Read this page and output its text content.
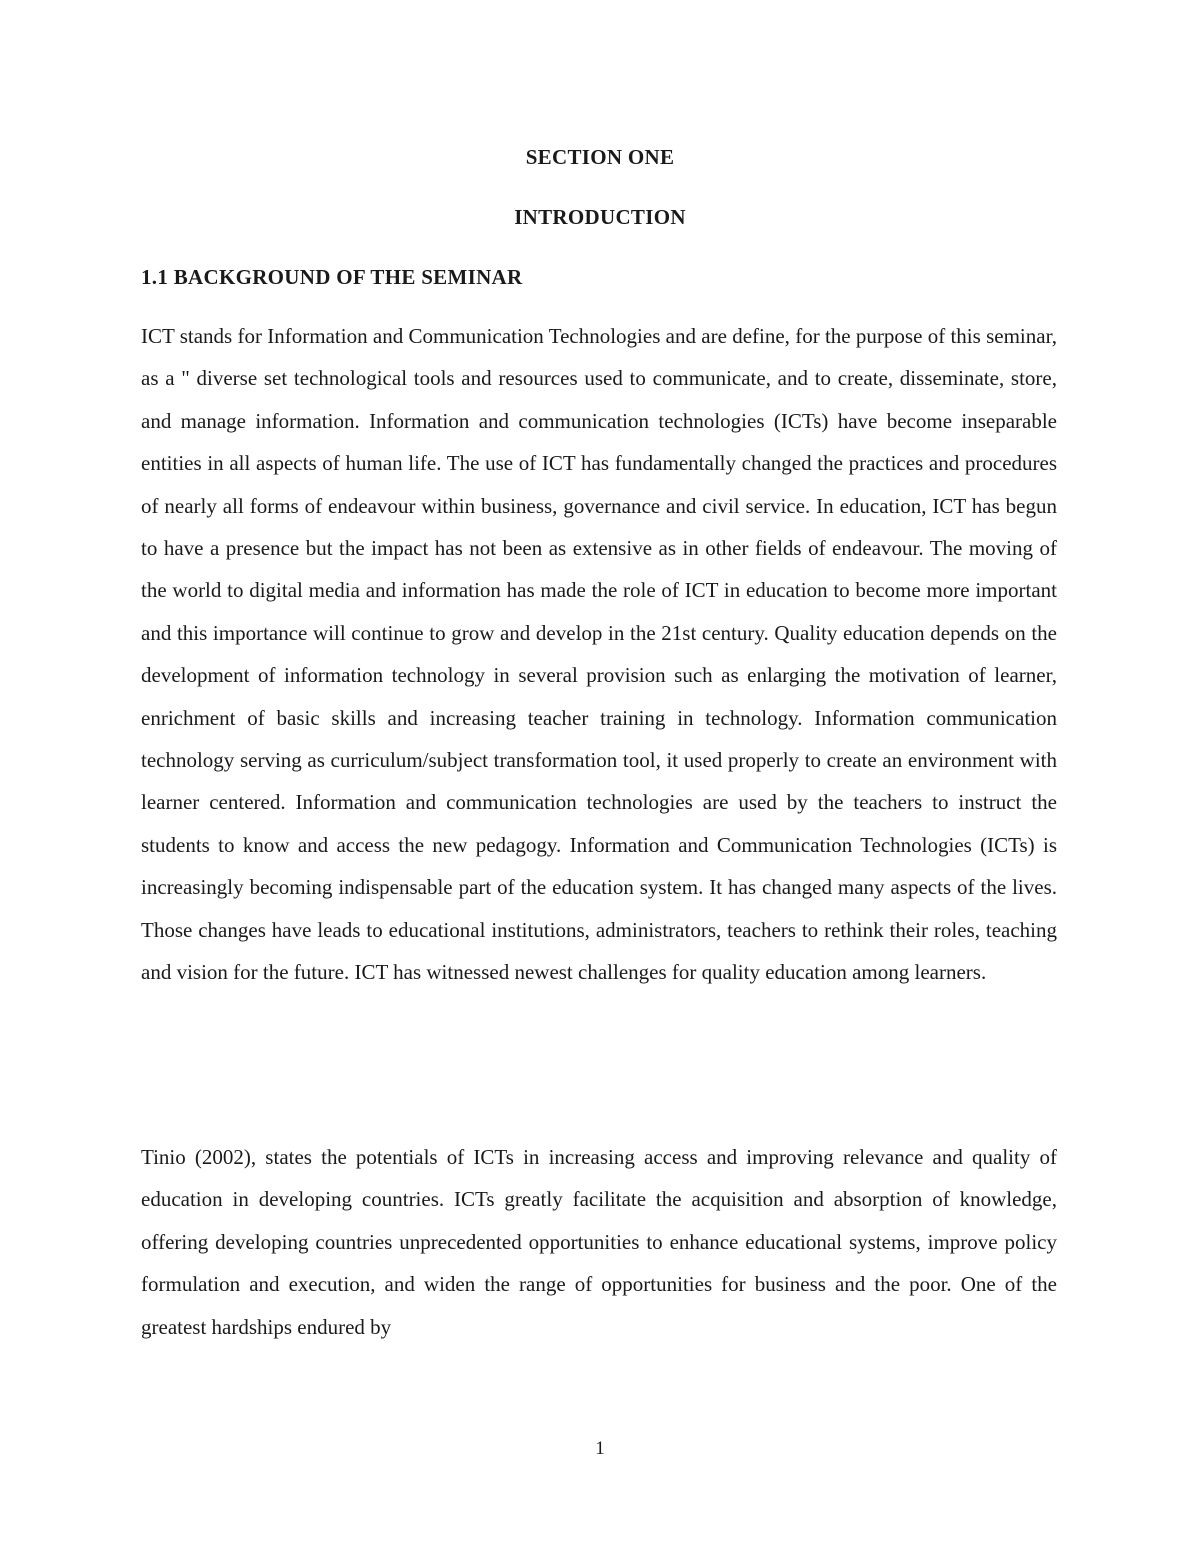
SECTION ONE
INTRODUCTION
1.1 BACKGROUND OF THE SEMINAR

ICT stands for Information and Communication Technologies and are define, for the purpose of this seminar, as a " diverse set technological tools and resources used to communicate, and to create, disseminate, store, and manage information. Information and communication technologies (ICTs) have become inseparable entities in all aspects of human life. The use of ICT has fundamentally changed the practices and procedures of nearly all forms of endeavour within business, governance and civil service. In education, ICT has begun to have a presence but the impact has not been as extensive as in other fields of endeavour. The moving of the world to digital media and information has made the role of ICT in education to become more important and this importance will continue to grow and develop in the 21st century. Quality education depends on the development of information technology in several provision such as enlarging the motivation of learner, enrichment of basic skills and increasing teacher training in technology. Information communication technology serving as curriculum/subject transformation tool, it used properly to create an environment with learner centered. Information and communication technologies are used by the teachers to instruct the students to know and access the new pedagogy. Information and Communication Technologies (ICTs) is increasingly becoming indispensable part of the education system. It has changed many aspects of the lives. Those changes have leads to educational institutions, administrators, teachers to rethink their roles, teaching and vision for the future. ICT has witnessed newest challenges for quality education among learners.

Tinio (2002), states the potentials of ICTs in increasing access and improving relevance and quality of education in developing countries. ICTs greatly facilitate the acquisition and absorption of knowledge, offering developing countries unprecedented opportunities to enhance educational systems, improve policy formulation and execution, and widen the range of opportunities for business and the poor. One of the greatest hardships endured by

1
